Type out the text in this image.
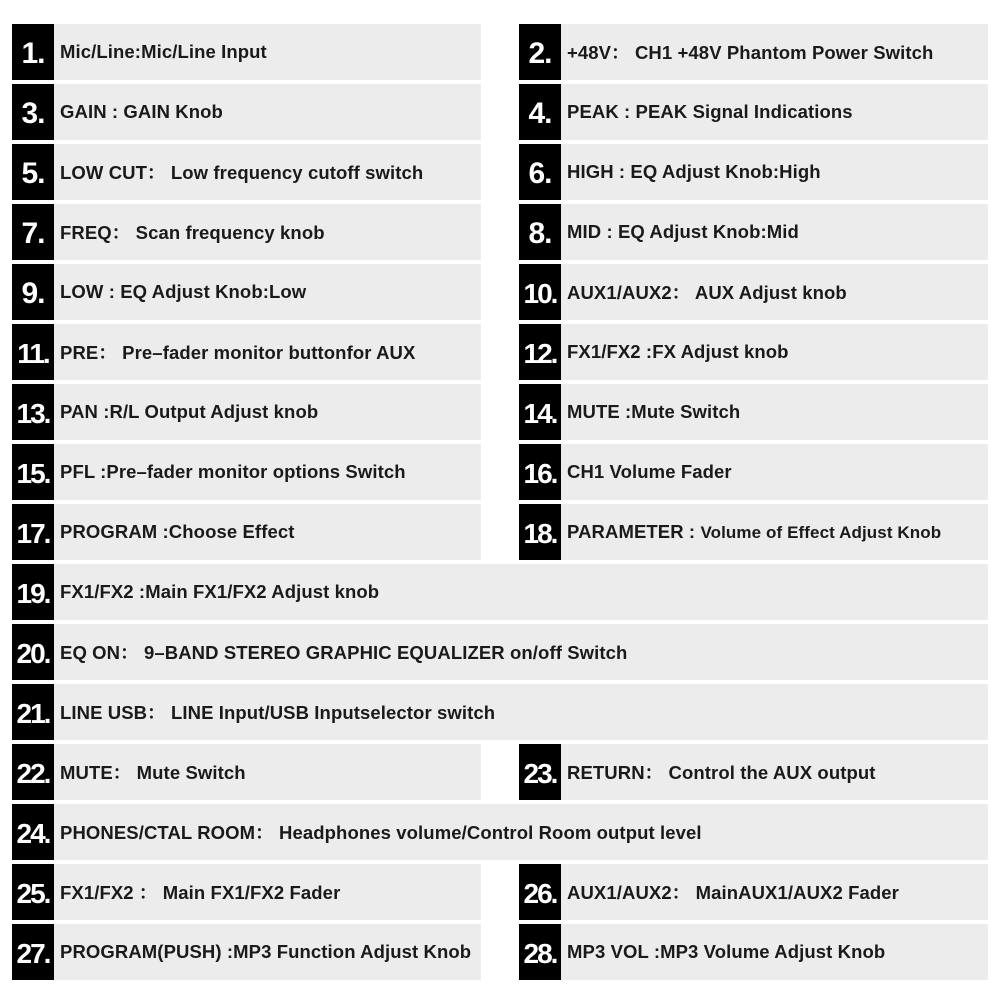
1. Mic/Line:Mic/Line Input	2. +48V： CH1 +48V Phantom Power Switch
3. GAIN : GAIN Knob	4. PEAK : PEAK Signal Indications
5. LOW CUT： Low frequency cutoff switch	6. HIGH : EQ Adjust Knob:High
7. FREQ： Scan frequency knob	8. MID : EQ Adjust Knob:Mid
9. LOW : EQ Adjust Knob:Low	10. AUX1/AUX2： AUX Adjust knob
11. PRE： Pre–fader monitor buttonfor AUX	12. FX1/FX2 :FX Adjust knob
13. PAN :R/L Output Adjust knob	14. MUTE :Mute Switch
15. PFL :Pre–fader monitor options Switch	16. CH1 Volume Fader
17. PROGRAM :Choose Effect	18. PARAMETER : Volume of Effect Adjust Knob
19. FX1/FX2 :Main FX1/FX2 Adjust knob
20. EQ ON： 9–BAND STEREO GRAPHIC EQUALIZER on/off Switch
21. LINE USB： LINE Input/USB Inputselector switch
22. MUTE： Mute Switch	23. RETURN： Control the AUX output
24. PHONES/CTAL ROOM： Headphones volume/Control Room output level
25. FX1/FX2 ： Main FX1/FX2 Fader	26. AUX1/AUX2： MainAUX1/AUX2 Fader
27. PROGRAM(PUSH) :MP3 Function Adjust Knob 28. MP3 VOL :MP3 Volume Adjust Knob
